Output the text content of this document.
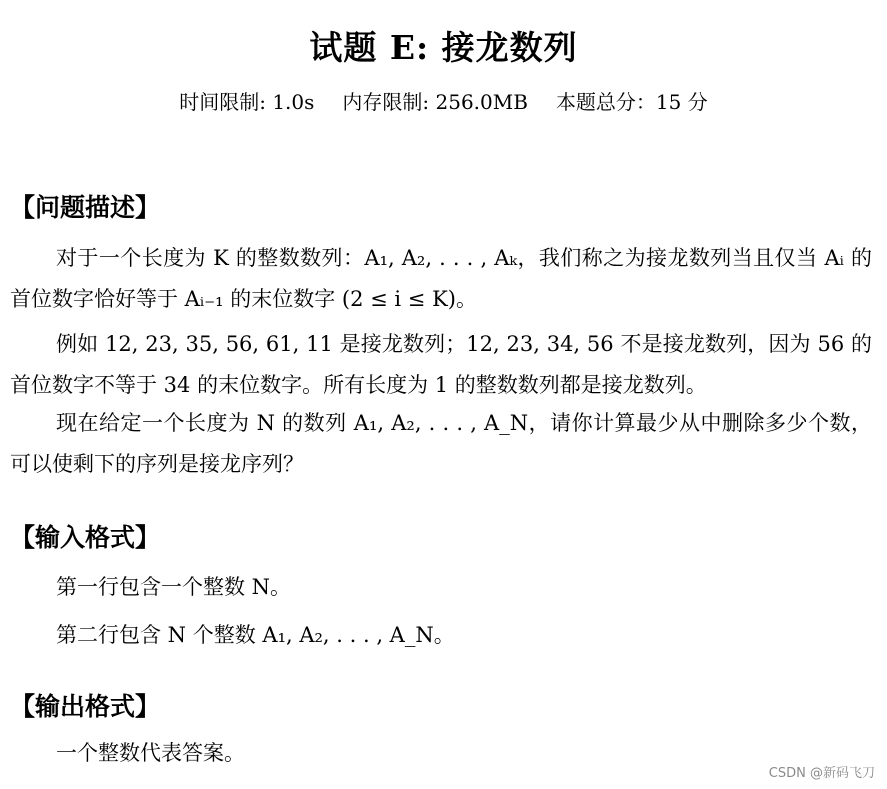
试题 E: 接龙数列
时间限制: 1.0s 内存限制: 256.0MB 本题总分：15 分
【问题描述】
对于一个长度为 K 的整数数列：A₁, A₂, . . . , Aₖ，我们称之为接龙数列当且仅当 Aᵢ 的首位数字恰好等于 Aᵢ₋₁ 的末位数字 (2 ≤ i ≤ K)。
例如 12, 23, 35, 56, 61, 11 是接龙数列；12, 23, 34, 56 不是接龙数列，因为 56 的首位数字不等于 34 的末位数字。所有长度为 1 的整数数列都是接龙数列。
现在给定一个长度为 N 的数列 A₁, A₂, . . . , A_N，请你计算最少从中删除多少个数，可以使剩下的序列是接龙序列？
【输入格式】
第一行包含一个整数 N。
第二行包含 N 个整数 A₁, A₂, . . . , A_N。
【输出格式】
一个整数代表答案。
CSDN @新码飞刀
